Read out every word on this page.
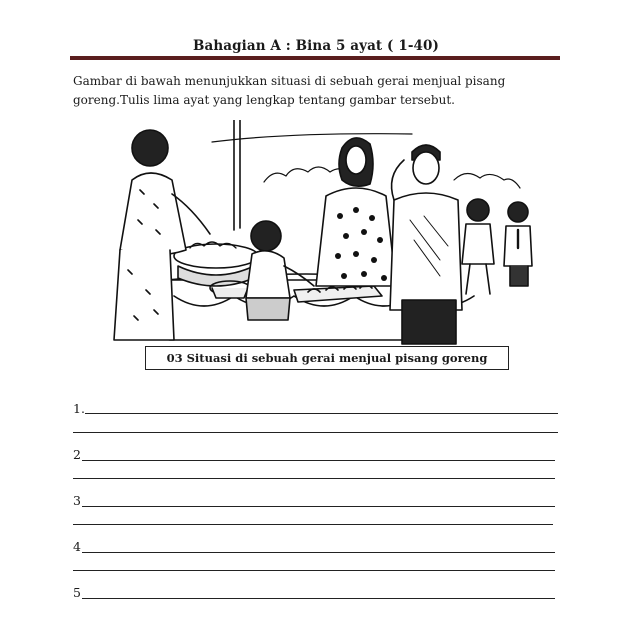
Bahagian A : Bina 5 ayat ( 1-40)
Gambar di bawah menunjukkan situasi di sebuah gerai menjual pisang goreng.Tulis lima ayat yang lengkap tentang gambar tersebut.
03 Situasi di sebuah gerai menjual pisang goreng
1.
2
3
4
5
